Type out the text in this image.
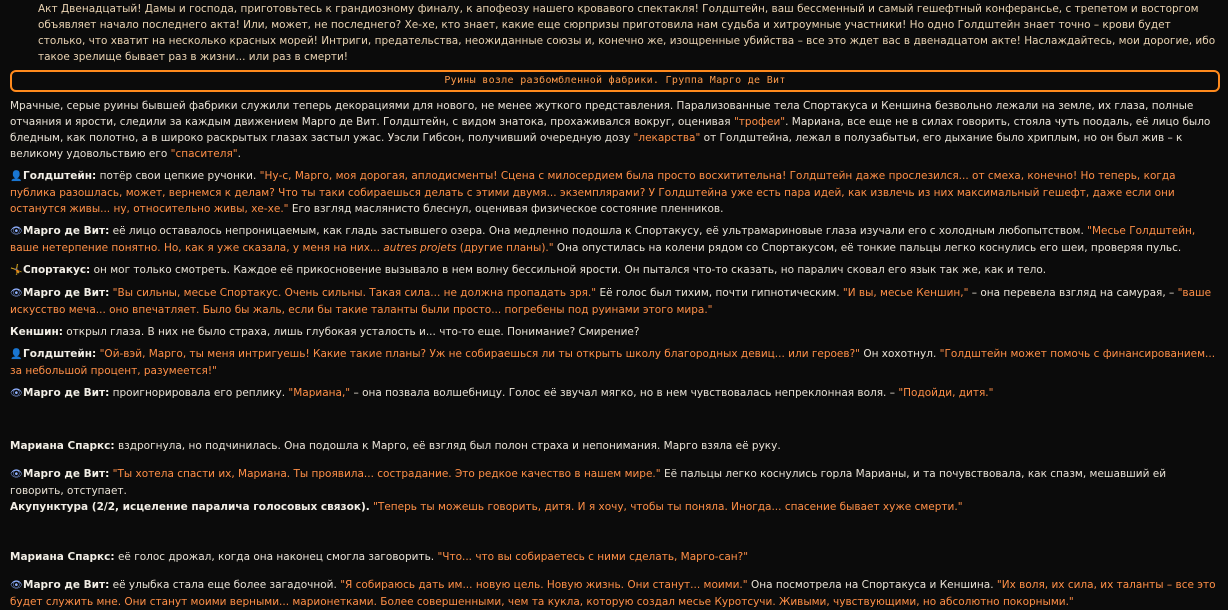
Акт Двенадцатый! Дамы и господа, приготовьтесь к грандиозному финалу, к апофеозу нашего кровавого спектакля! Голдштейн, ваш бессменный и самый гешефтный конферансье, с трепетом и восторгом объявляет начало последнего акта! Или, может, не последнего? Хе-хе, кто знает, какие еще сюрпризы приготовила нам судьба и хитроумные участники! Но одно Голдштейн знает точно – крови будет столько, что хватит на несколько красных морей! Интриги, предательства, неожиданные союзы и, конечно же, изощренные убийства – все это ждет вас в двенадцатом акте! Наслаждайтесь, мои дорогие, ибо такое зрелище бывает раз в жизни... или раз в смерти!

Руины возле разбомбленной фабрики. Группа Марго де Вит

Мрачные, серые руины бывшей фабрики служили теперь декорациями для нового, не менее жуткого представления. Парализованные тела Спортакуса и Кеншина безвольно лежали на земле, их глаза, полные отчаяния и ярости, следили за каждым движением Марго де Вит. Голдштейн, с видом знатока, прохаживался вокруг, оценивая "трофеи". Мариана, все еще не в силах говорить, стояла чуть поодаль, её лицо было бледным, как полотно, а в широко раскрытых глазах застыл ужас. Уэсли Гибсон, получивший очередную дозу "лекарства" от Голдштейна, лежал в полузабытьи, его дыхание было хриплым, но он был жив – к великому удовольствию его "спасителя".

👤Голдштейн: потёр свои цепкие ручонки. "Ну-с, Марго, моя дорогая, аплодисменты! Сцена с милосердием была просто восхитительна! Голдштейн даже прослезился... от смеха, конечно! Но теперь, когда публика разошлась, может, вернемся к делам? Что ты таки собираешься делать с этими двумя... экземплярами? У Голдштейна уже есть пара идей, как извлечь из них максимальный гешефт, даже если они останутся живы... ну, относительно живы, хе-хе." Его взгляд маслянисто блеснул, оценивая физическое состояние пленников.

👁Марго де Вит: её лицо оставалось непроницаемым, как гладь застывшего озера. Она медленно подошла к Спортакусу, её ультрамариновые глаза изучали его с холодным любопытством. "Месье Голдштейн, ваше нетерпение понятно. Но, как я уже сказала, у меня на них... autres projets (другие планы)." Она опустилась на колени рядом со Спортакусом, её тонкие пальцы легко коснулись его шеи, проверяя пульс.

🤸Спортакус: он мог только смотреть. Каждое её прикосновение вызывало в нем волну бессильной ярости. Он пытался что-то сказать, но паралич сковал его язык так же, как и тело.

👁Марго де Вит: "Вы сильны, месье Спортакус. Очень сильны. Такая сила... не должна пропадать зря." Её голос был тихим, почти гипнотическим. "И вы, месье Кеншин," – она перевела взгляд на самурая, – "ваше искусство меча... оно впечатляет. Было бы жаль, если бы такие таланты были просто... погребены под руинами этого мира."

Кеншин: открыл глаза. В них не было страха, лишь глубокая усталость и... что-то еще. Понимание? Смирение?

👤Голдштейн: "Ой-вэй, Марго, ты меня интригуешь! Какие такие планы? Уж не собираешься ли ты открыть школу благородных девиц... или героев?" Он хохотнул. "Голдштейн может помочь с финансированием... за небольшой процент, разумеется!"

👁Марго де Вит: проигнорировала его реплику. "Мариана," – она позвала волшебницу. Голос её звучал мягко, но в нем чувствовалась непреклонная воля. – "Подойди, дитя."

Мариана Спаркс: вздрогнула, но подчинилась. Она подошла к Марго, её взгляд был полон страха и непонимания. Марго взяла её руку.

👁Марго де Вит: "Ты хотела спасти их, Мариана. Ты проявила... сострадание. Это редкое качество в нашем мире." Её пальцы легко коснулись горла Марианы, и та почувствовала, как спазм, мешавший ей говорить, отступает.
Акупунктура (2/2, исцеление паралича голосовых связок). "Теперь ты можешь говорить, дитя. И я хочу, чтобы ты поняла. Иногда... спасение бывает хуже смерти."

Мариана Спаркс: её голос дрожал, когда она наконец смогла заговорить. "Что... что вы собираетесь с ними сделать, Марго-сан?"

👁Марго де Вит: её улыбка стала еще более загадочной. "Я собираюсь дать им... новую цель. Новую жизнь. Они станут... моими." Она посмотрела на Спортакуса и Кеншина. "Их воля, их сила, их таланты – все это будет служить мне. Они станут моими верными... марионетками. Более совершенными, чем та кукла, которую создал месье Куротсучи. Живыми, чувствующими, но абсолютно покорными."
